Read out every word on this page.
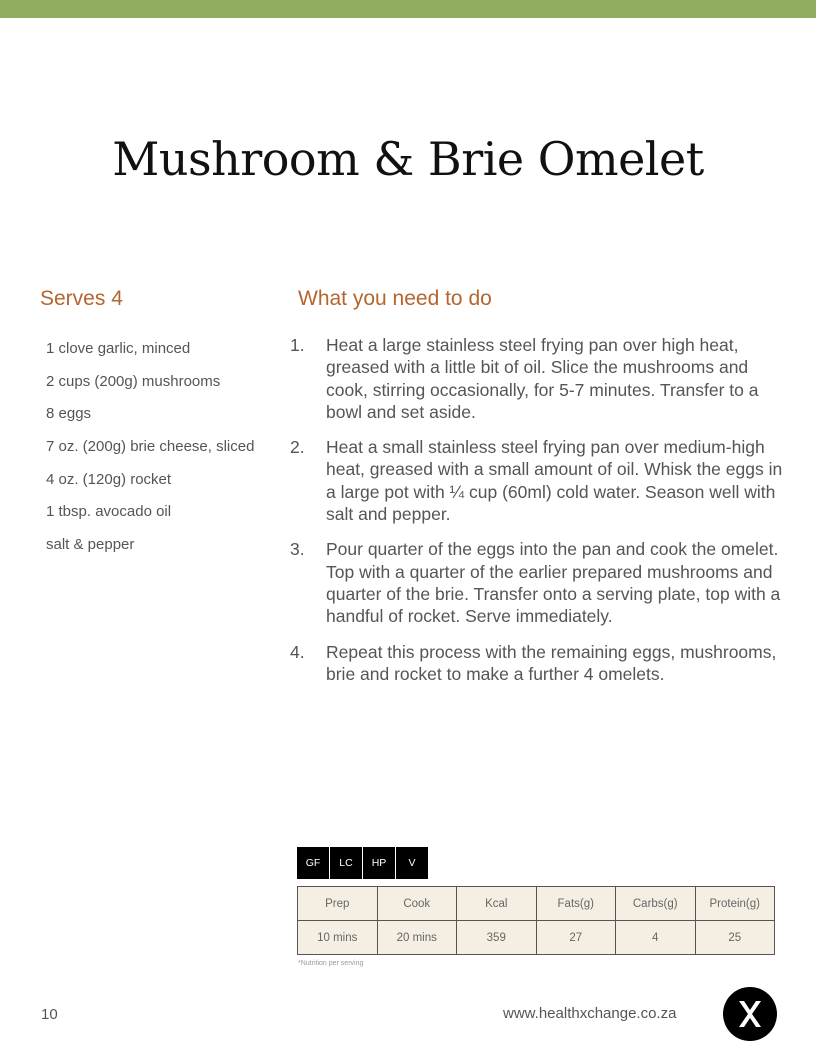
Mushroom & Brie Omelet
Serves 4	What you need to do
1 clove garlic, minced
2 cups (200g) mushrooms
8 eggs
7 oz. (200g) brie cheese, sliced
4 oz. (120g) rocket
1 tbsp. avocado oil
salt & pepper
1. Heat a large stainless steel frying pan over high heat, greased with a little bit of oil. Slice the mushrooms and cook, stirring occasionally, for 5-7 minutes. Transfer to a bowl and set aside.
2. Heat a small stainless steel frying pan over medium-high heat, greased with a small amount of oil. Whisk the eggs in a large pot with ¼ cup (60ml) cold water. Season well with salt and pepper.
3. Pour quarter of the eggs into the pan and cook the omelet. Top with a quarter of the earlier prepared mushrooms and quarter of the brie. Transfer onto a serving plate, top with a handful of rocket. Serve immediately.
4. Repeat this process with the remaining eggs, mushrooms, brie and rocket to make a further 4 omelets.
GF	LC	HP	V
Prep	Cook	Kcal	Fats(g)	Carbs(g)	Protein(g)
10 mins	20 mins	359	27	4	25
*Nutrition per serving
10	www.healthxchange.co.za
